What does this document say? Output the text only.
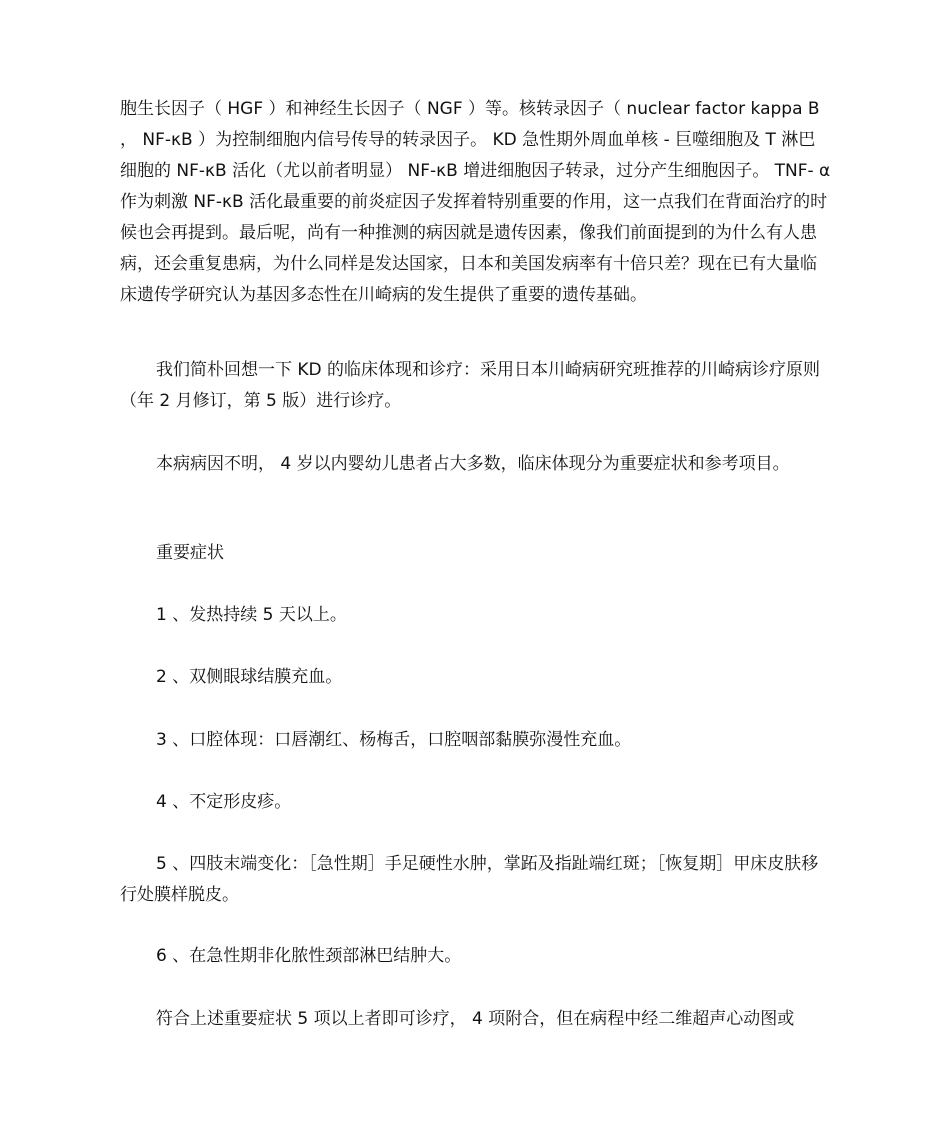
胞生长因子（ HGF ）和神经生长因子（ NGF ）等。核转录因子（ nuclear factor kappa B ， NF-κB ）为控制细胞内信号传导的转录因子。 KD 急性期外周血单核 - 巨噬细胞及 T 淋巴细胞的 NF-κB 活化（尤以前者明显） NF-κB 增进细胞因子转录，过分产生细胞因子。 TNF- α 作为刺激 NF-κB 活化最重要的前炎症因子发挥着特别重要的作用，这一点我们在背面治疗的时候也会再提到。最后呢，尚有一种推测的病因就是遗传因素，像我们前面提到的为什么有人患病，还会重复患病，为什么同样是发达国家，日本和美国发病率有十倍只差？现在已有大量临床遗传学研究认为基因多态性在川崎病的发生提供了重要的遗传基础。
我们简朴回想一下 KD 的临床体现和诊疗：采用日本川崎病研究班推荐的川崎病诊疗原则（年 2 月修订，第 5 版）进行诊疗。
本病病因不明， 4 岁以内婴幼儿患者占大多数，临床体现分为重要症状和参考项目。
重要症状
1 、发热持续 5 天以上。
2 、双侧眼球结膜充血。
3 、口腔体现：口唇潮红、杨梅舌，口腔咽部黏膜弥漫性充血。
4 、不定形皮疹。
5 、四肢末端变化：［急性期］手足硬性水肿，掌跖及指趾端红斑；［恢复期］甲床皮肤移行处膜样脱皮。
6 、在急性期非化脓性颈部淋巴结肿大。
符合上述重要症状 5 项以上者即可诊疗， 4 项附合，但在病程中经二维超声心动图或
